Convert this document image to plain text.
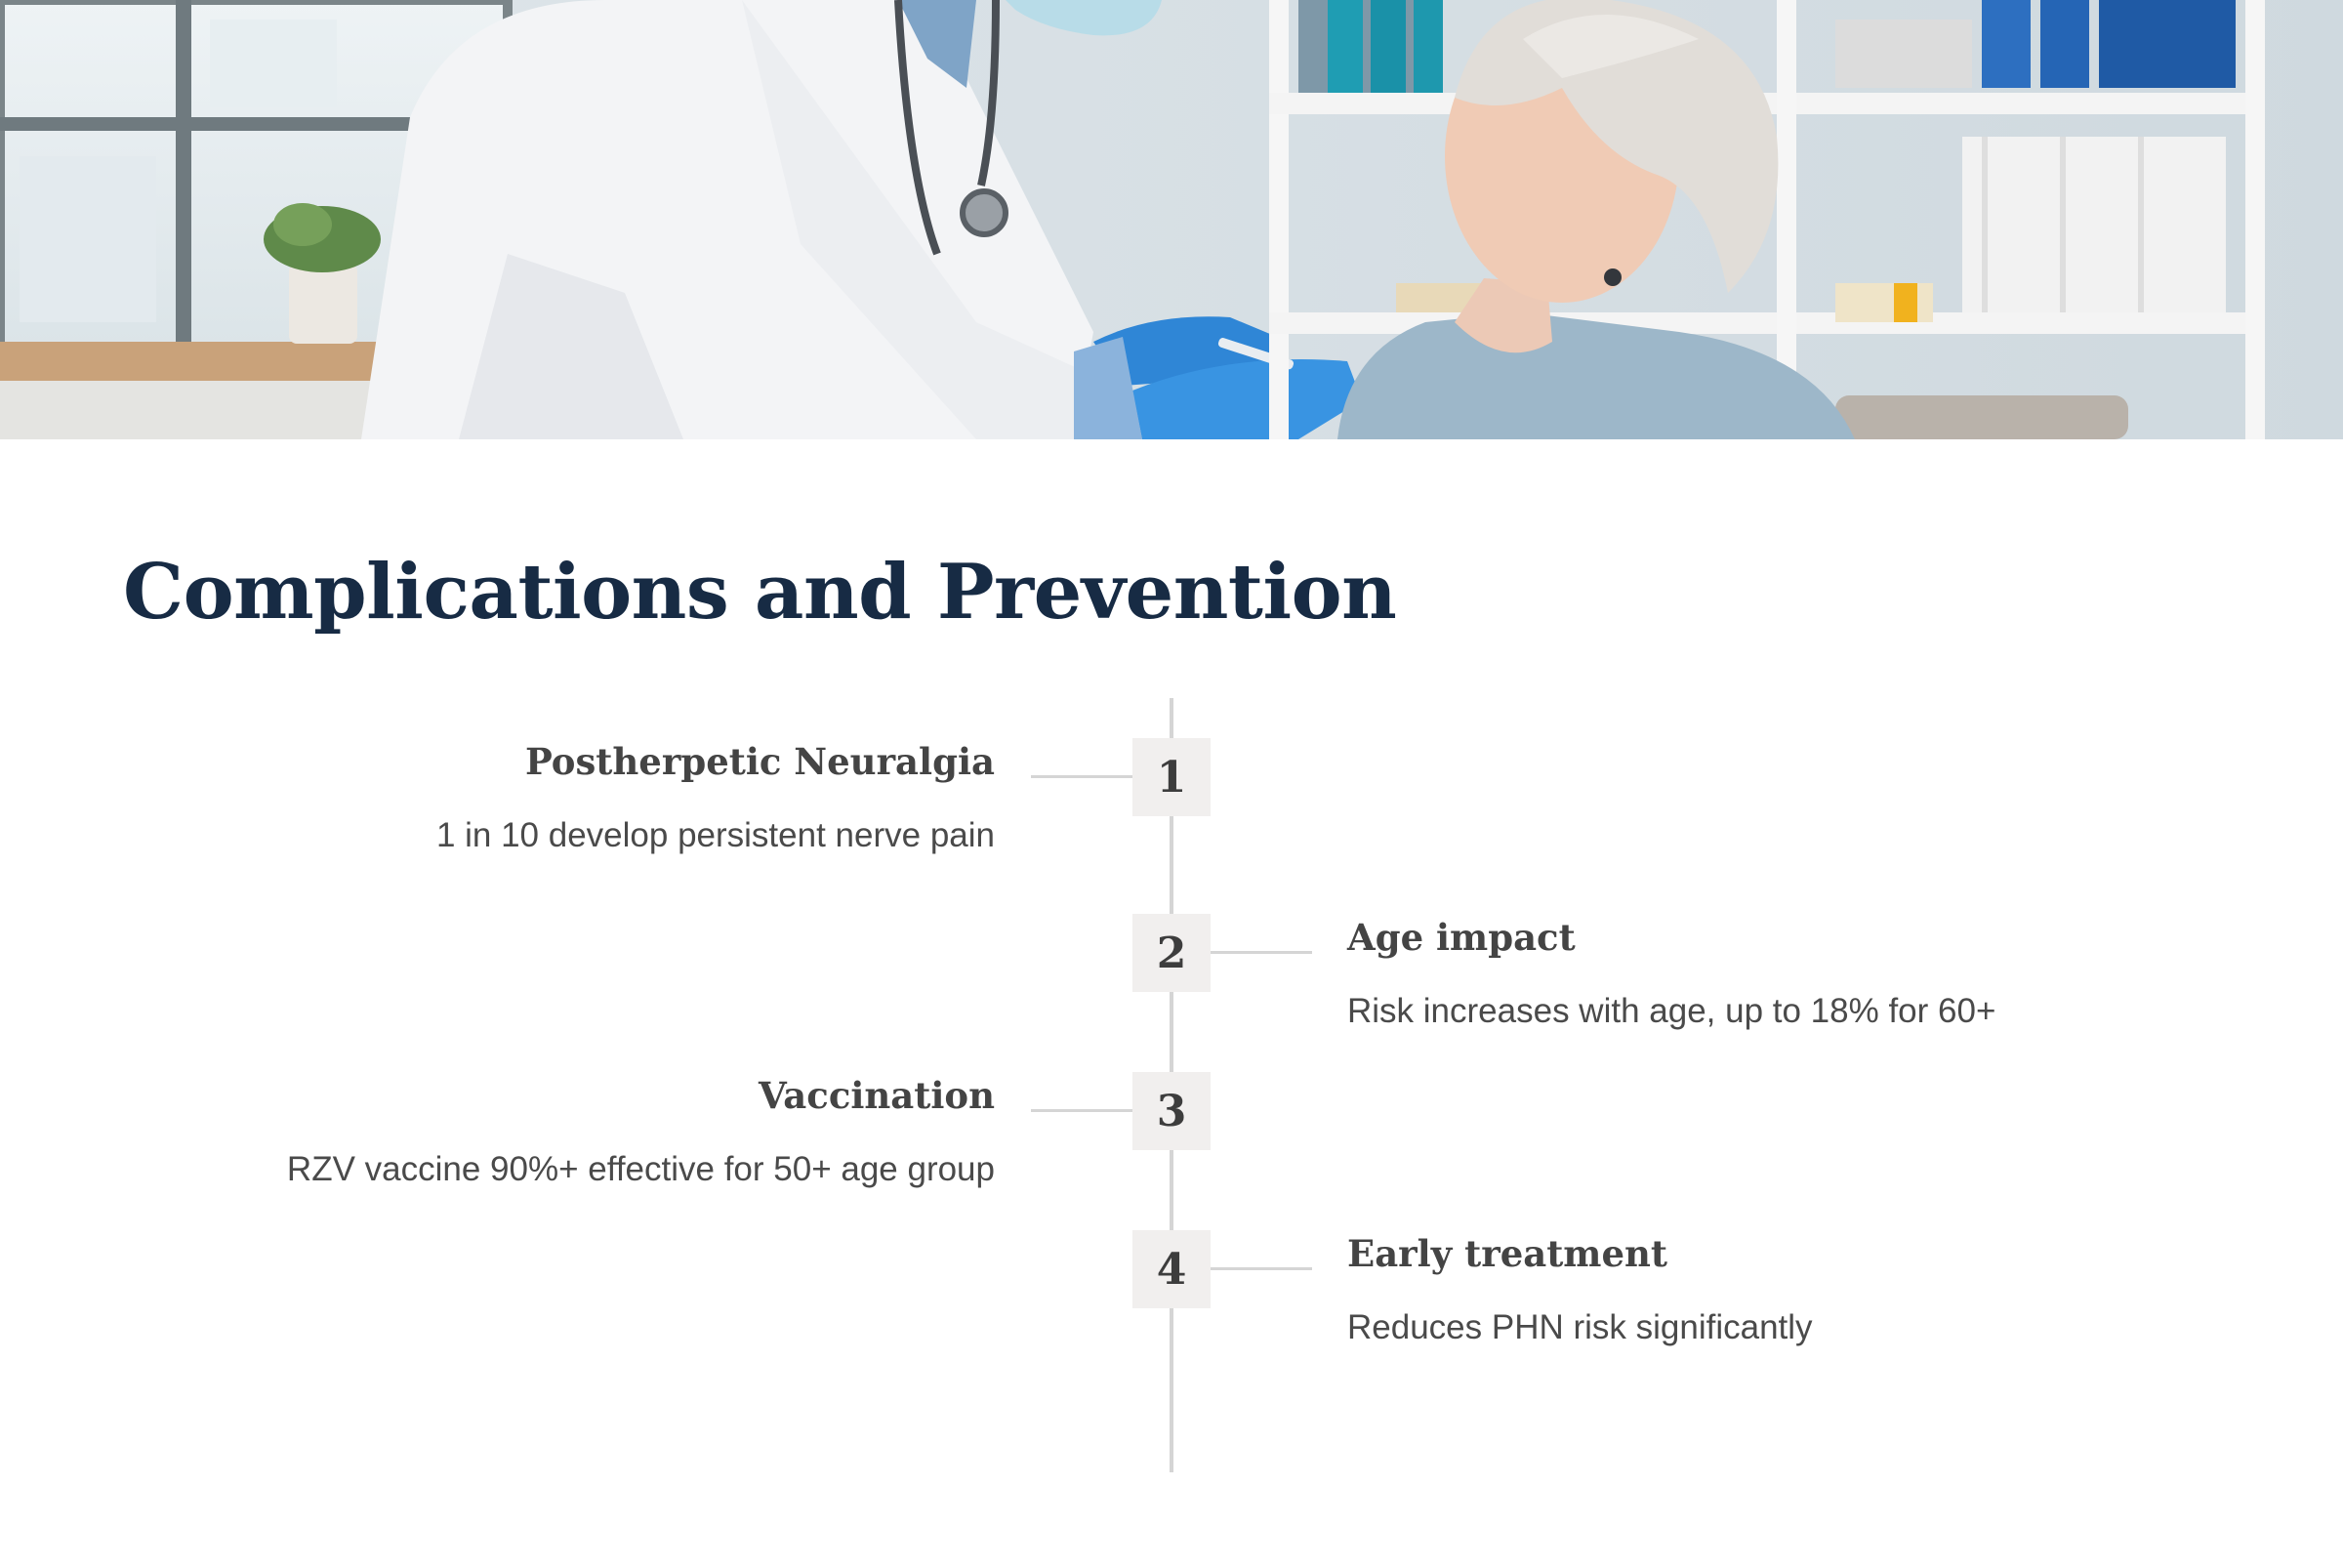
Complications and Prevention
1
Postherpetic Neuralgia

1 in 10 develop persistent nerve pain

2	Age impact

Risk increases with age, up to 18% for 60+

3
Vaccination

RZV vaccine 90%+ effective for 50+ age group

4	Early treatment

Reduces PHN risk significantly
